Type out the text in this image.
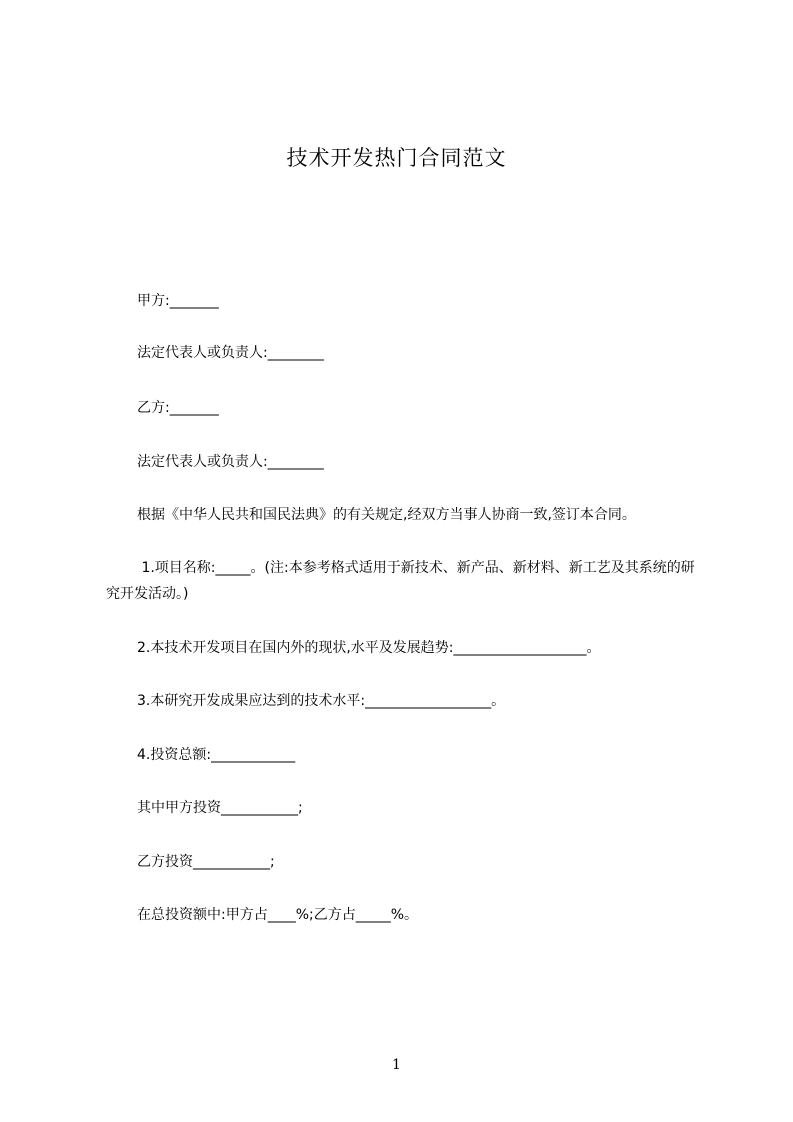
技术开发热门合同范文
甲方:_______
法定代表人或负责人:________
乙方:_______
法定代表人或负责人:________
根据《中华人民共和国民法典》的有关规定,经双方当事人协商一致,签订本合同。
1.项目名称:_____。(注:本参考格式适用于新技术、新产品、新材料、新工艺及其系统的研究开发活动。)
2.本技术开发项目在国内外的现状,水平及发展趋势:___________________。
3.本研究开发成果应达到的技术水平:__________________。
4.投资总额:____________
其中甲方投资___________;
乙方投资___________;
在总投资额中:甲方占____%;乙方占_____%。
1
